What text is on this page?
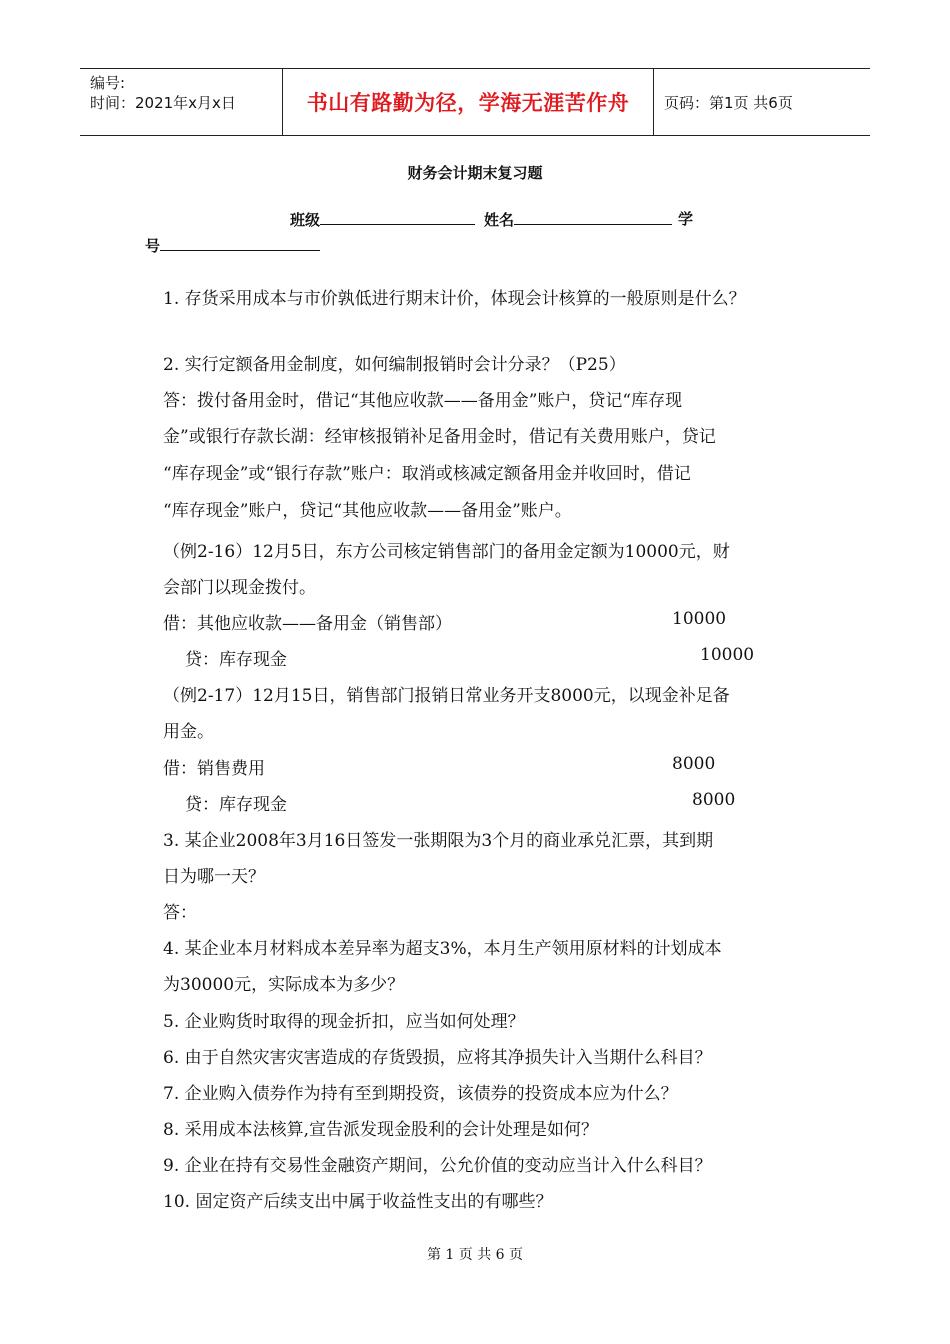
编号:
时间：2021年x月x日	书山有路勤为径，学海无涯苦作舟 页码：第1页 共6页
财务会计期末复习题
班级	姓名	学
号
1. 存货采用成本与市价孰低进行期末计价，体现会计核算的一般原则是什么？
2. 实行定额备用金制度，如何编制报销时会计分录？（P25）
答：拨付备用金时，借记“其他应收款——备用金”账户，贷记“库存现
金”或银行存款长湖：经审核报销补足备用金时，借记有关费用账户，贷记
“库存现金”或“银行存款”账户：取消或核减定额备用金并收回时，借记
“库存现金”账户，贷记“其他应收款——备用金”账户。
（例2-16）12月5日，东方公司核定销售部门的备用金定额为10000元，财
会部门以现金拨付。
借：其他应收款——备用金（销售部）	10000
贷：库存现金	10000
（例2-17）12月15日，销售部门报销日常业务开支8000元，以现金补足备
用金。
借：销售费用	8000
贷：库存现金	8000
3. 某企业2008年3月16日签发一张期限为3个月的商业承兑汇票，其到期
日为哪一天？
答：
4. 某企业本月材料成本差异率为超支3%，本月生产领用原材料的计划成本
为30000元，实际成本为多少？
5. 企业购货时取得的现金折扣，应当如何处理？
6. 由于自然灾害灾害造成的存货毁损，应将其净损失计入当期什么科目？
7. 企业购入债券作为持有至到期投资，该债券的投资成本应为什么？
8. 采用成本法核算,宣告派发现金股利的会计处理是如何？
9. 企业在持有交易性金融资产期间，公允价值的变动应当计入什么科目？
10. 固定资产后续支出中属于收益性支出的有哪些？
第 1 页 共 6 页
